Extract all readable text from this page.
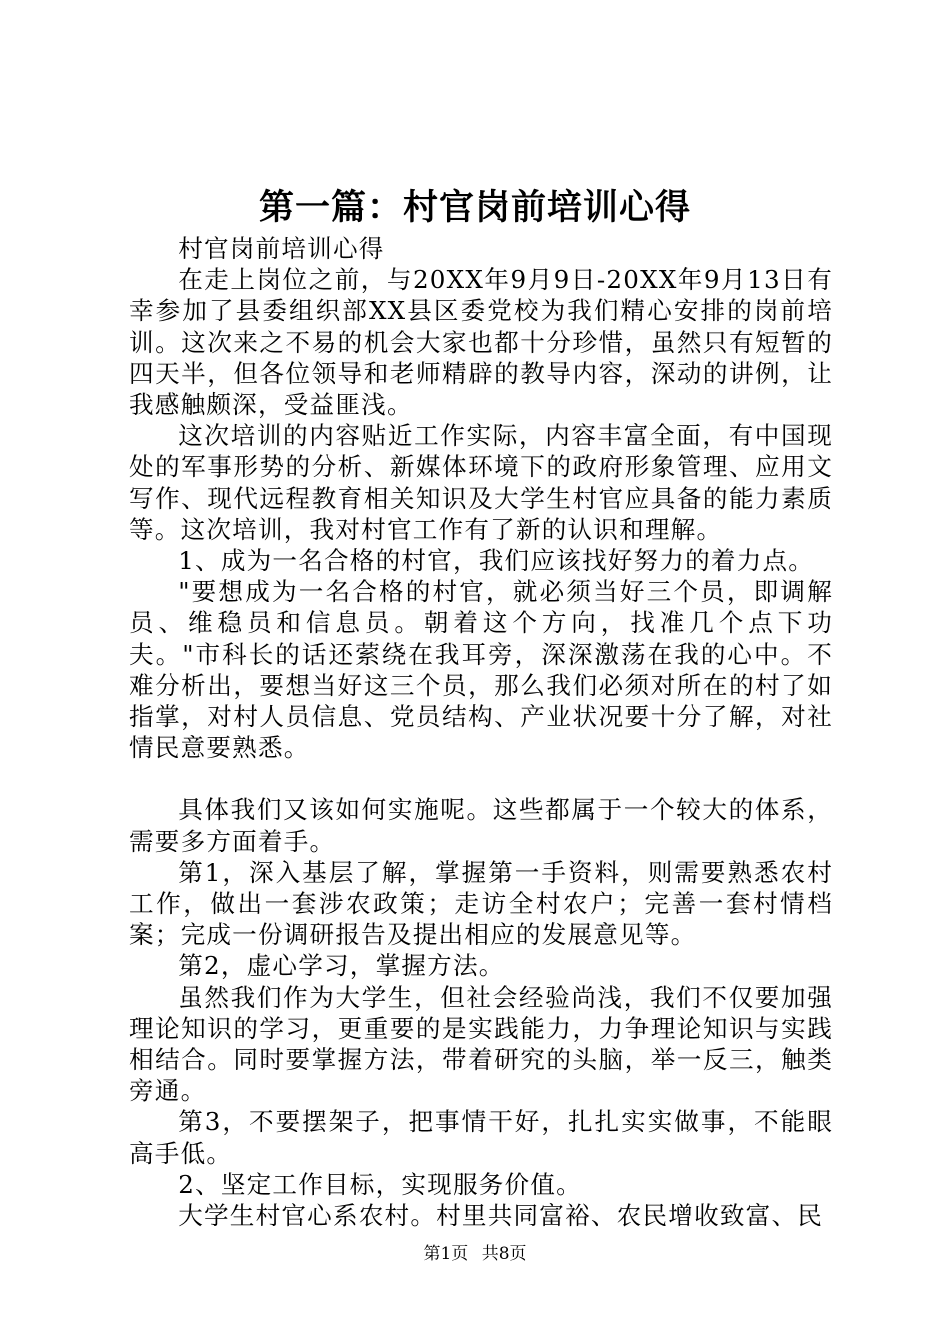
第一篇：村官岗前培训心得

村官岗前培训心得

在走上岗位之前，与20XX年9月9日-20XX年9月13日有幸参加了县委组织部XX县区委党校为我们精心安排的岗前培训。这次来之不易的机会大家也都十分珍惜，虽然只有短暂的四天半，但各位领导和老师精辟的教导内容，深动的讲例，让我感触颇深，受益匪浅。

这次培训的内容贴近工作实际，内容丰富全面，有中国现处的军事形势的分析、新媒体环境下的政府形象管理、应用文写作、现代远程教育相关知识及大学生村官应具备的能力素质等。这次培训，我对村官工作有了新的认识和理解。

1、成为一名合格的村官，我们应该找好努力的着力点。

"要想成为一名合格的村官，就必须当好三个员，即调解员、维稳员和信息员。朝着这个方向，找准几个点下功夫。"市科长的话还萦绕在我耳旁，深深激荡在我的心中。不难分析出，要想当好这三个员，那么我们必须对所在的村了如指掌，对村人员信息、党员结构、产业状况要十分了解，对社情民意要熟悉。

具体我们又该如何实施呢。这些都属于一个较大的体系，需要多方面着手。

第1，深入基层了解，掌握第一手资料，则需要熟悉农村工作，做出一套涉农政策；走访全村农户；完善一套村情档案；完成一份调研报告及提出相应的发展意见等。

第2，虚心学习，掌握方法。

虽然我们作为大学生，但社会经验尚浅，我们不仅要加强理论知识的学习，更重要的是实践能力，力争理论知识与实践相结合。同时要掌握方法，带着研究的头脑，举一反三，触类旁通。

第3，不要摆架子，把事情干好，扎扎实实做事，不能眼高手低。

2、坚定工作目标，实现服务价值。

大学生村官心系农村。村里共同富裕、农民增收致富、民

第1页 共8页
